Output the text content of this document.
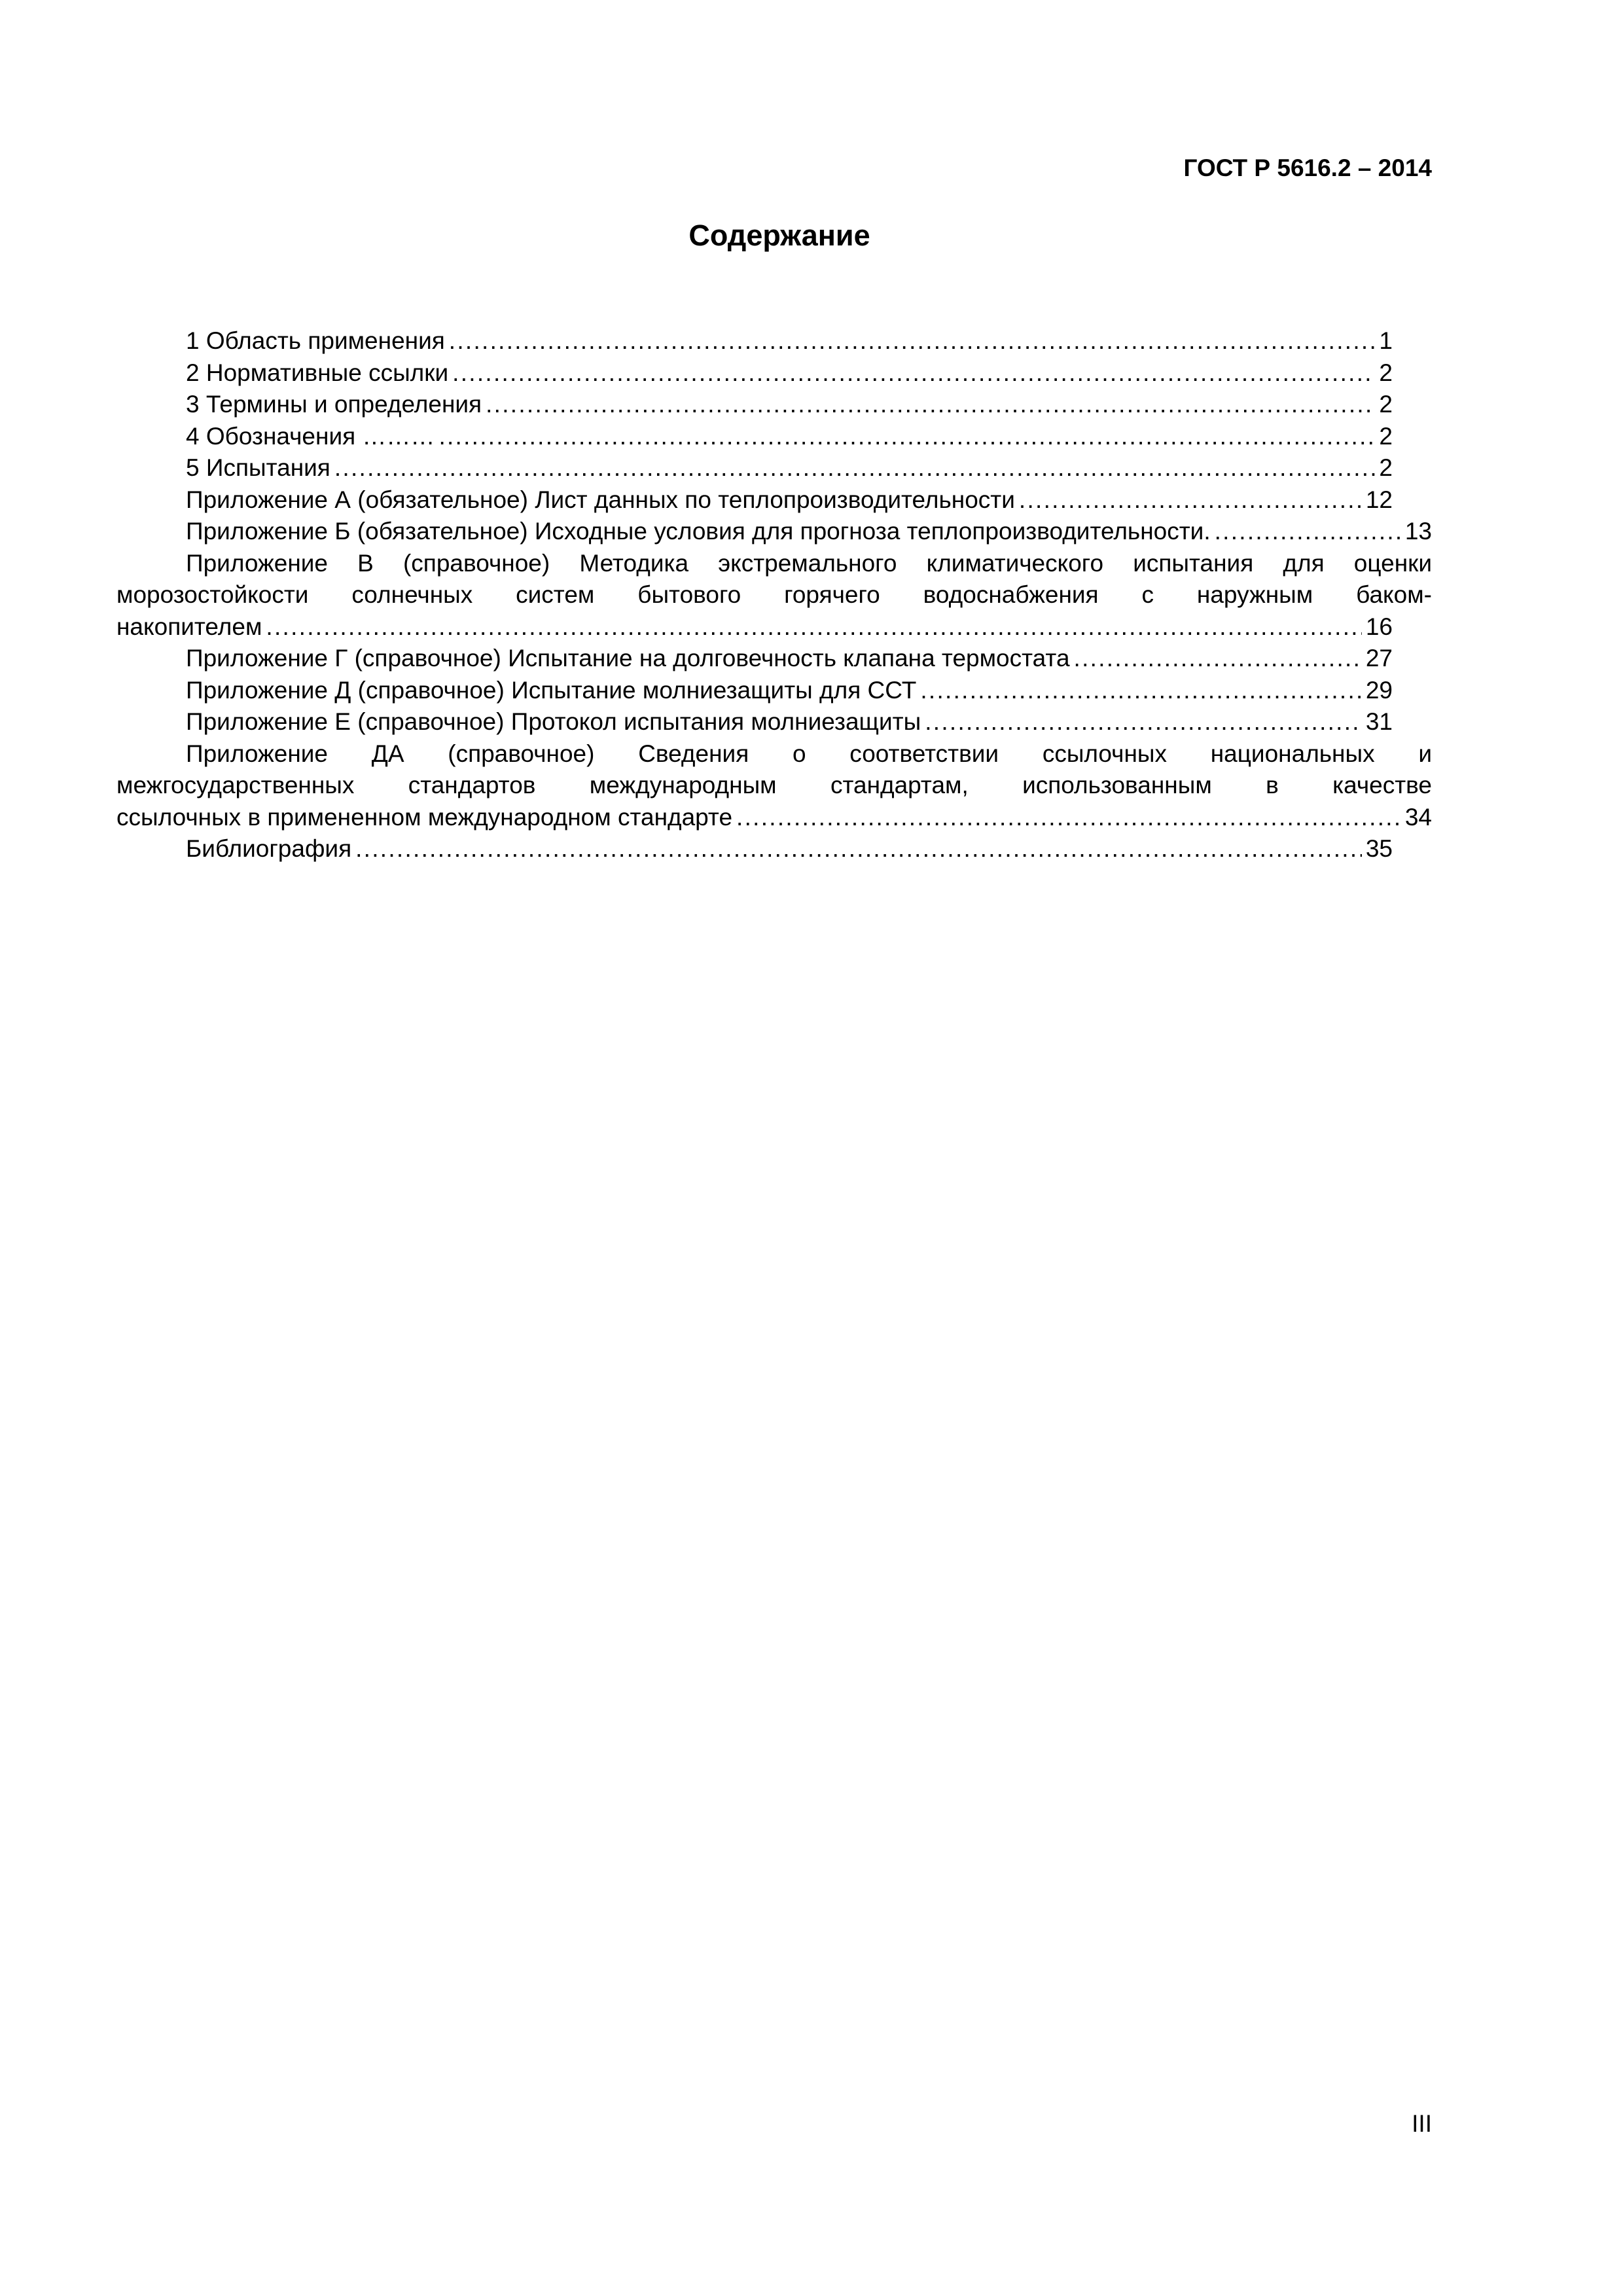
ГОСТ Р 5616.2 – 2014
Содержание
1 Область применения . . .	1
2 Нормативные ссылки . . .	2
3 Термины и определения . . .	2
4 Обозначения ……… . . .	2
5 Испытания . . .	2
Приложение А (обязательное) Лист данных по теплопроизводительности . . .	12
Приложение Б (обязательное) Исходные условия для прогноза теплопроизводительности. . . .	13
Приложение В (справочное) Методика экстремального климатического испытания для оценки
морозостойкости солнечных систем бытового горячего водоснабжения с наружным баком-
накопителем . . .	16
Приложение Г (справочное) Испытание на долговечность клапана термостата . . .	27
Приложение Д (справочное) Испытание молниезащиты для ССТ . . .	29
Приложение Е (справочное) Протокол испытания молниезащиты . . .	31
Приложение ДА (справочное) Сведения о соответствии ссылочных национальных и
межгосударственных стандартов международным стандартам, использованным в качестве
ссылочных в примененном международном стандарте . . .	34
Библиография . . .	35
III
